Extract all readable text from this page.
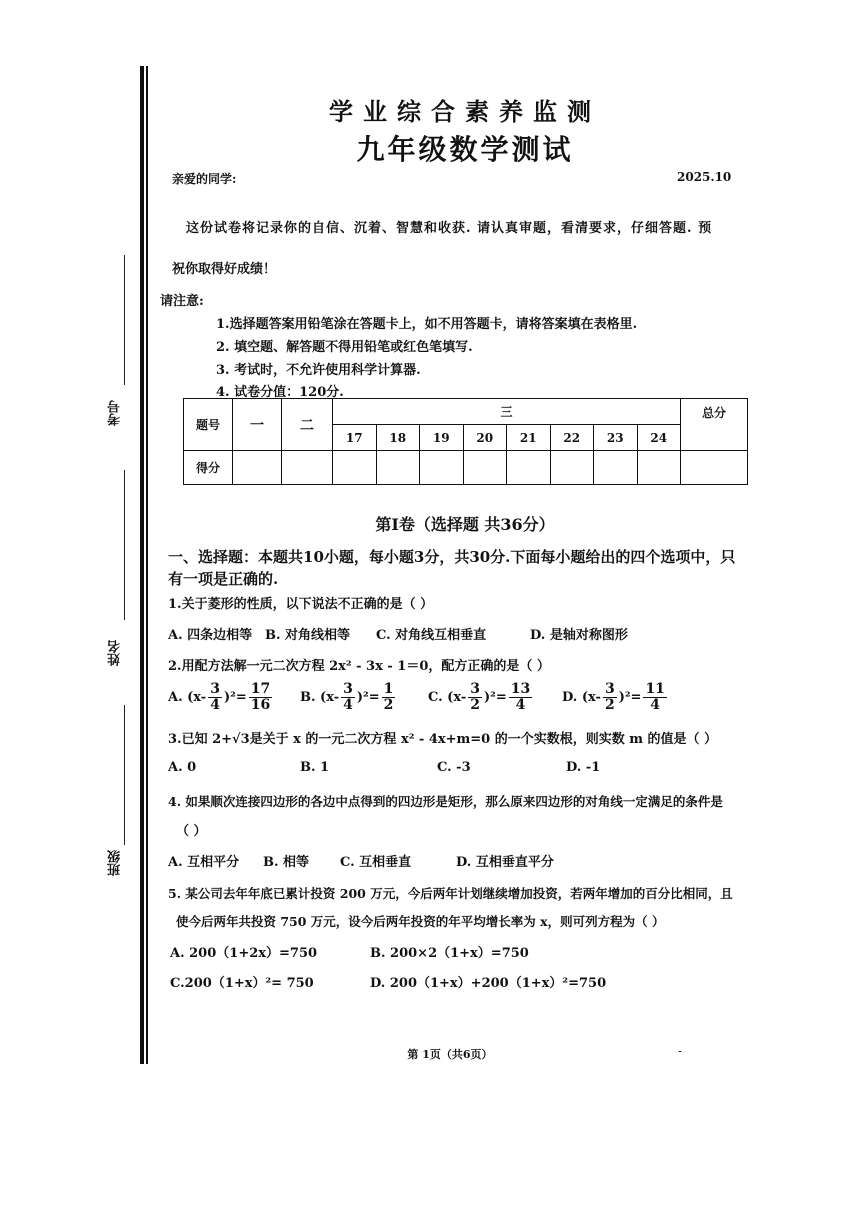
考号
姓名
班级
学业综合素养监测
九年级数学测试
亲爱的同学:	2025.10
这份试卷将记录你的自信、沉着、智慧和收获. 请认真审题，看清要求，仔细答题. 预
祝你取得好成绩！
请注意:
1.选择题答案用铅笔涂在答题卡上，如不用答题卡，请将答案填在表格里.
2. 填空题、解答题不得用铅笔或红色笔填写.
3. 考试时，不允许使用科学计算器.
4. 试卷分值：120分.
题号	一	二	三								总分
			17	18	19	20	21	22	23	24	
得分											
第Ⅰ卷（选择题 共36分）
一、选择题：本题共10小题，每小题3分，共30分.下面每小题给出的四个选项中，只
有一项是正确的.
1.关于菱形的性质，以下说法不正确的是（ ）
A. 四条边相等 B. 对角线相等 C. 对角线互相垂直	D. 是轴对称图形
2.用配方法解一元二次方程 2x² - 3x - 1＝0，配方正确的是（ ）
A. $(x- \frac{3}{4} )^2= \frac{17}{16} B$. $(x- \frac{3}{4} )^2= \frac{1}{2}$	C. $(x- \frac{3}{2} )^2= \frac{13}{4} D$. $(x- \frac{3}{2} )^2= \frac{11}{4}$
3.已知 2+√3是关于 x 的一元二次方程 x² - 4x+m=0 的一个实数根，则实数 m 的值是（ ）
A. 0	B. 1	C. -3	D. -1
4. 如果顺次连接四边形的各边中点得到的四边形是矩形，那么原来四边形的对角线一定满足的条件是
（ ）
A. 互相平分 B. 相等 C. 互相垂直	D. 互相垂直平分
5. 某公司去年年底已累计投资 200 万元，今后两年计划继续增加投资，若两年增加的百分比相同，且
使今后两年共投资 750 万元，设今后两年投资的年平均增长率为 x，则可列方程为（ ）
A. 200（1+2x）=750	B. 200×2（1+x）=750
C.200（1+x）²= 750	D. 200（1+x）+200（1+x）²=750
第 1页（共6页）	-
